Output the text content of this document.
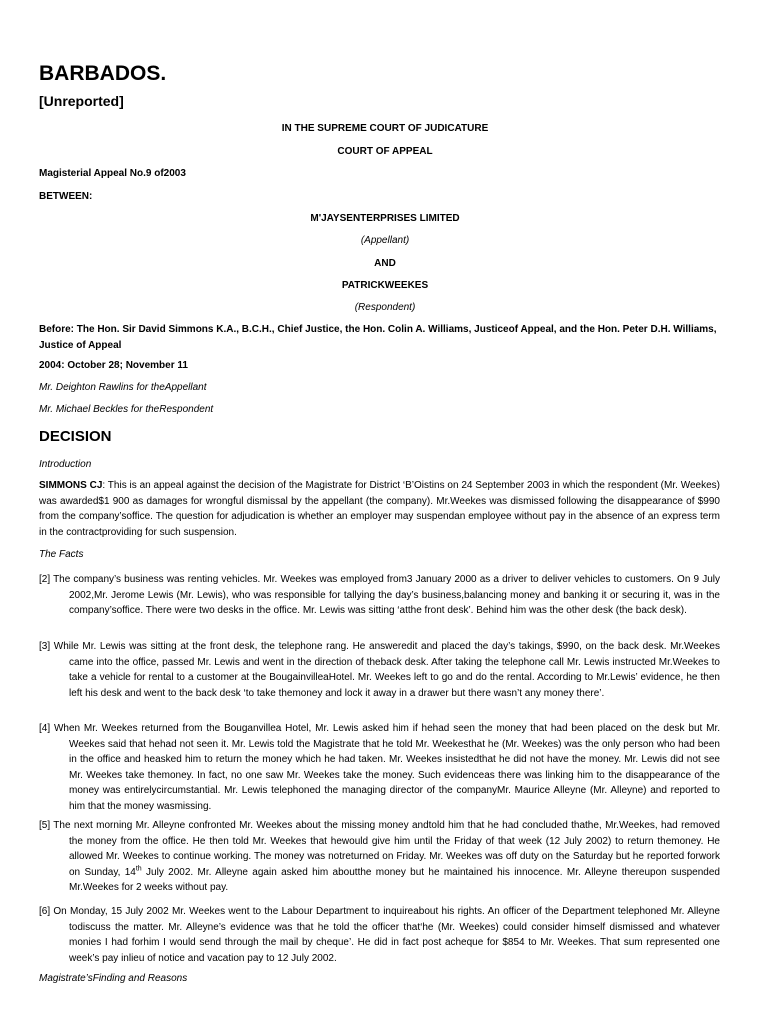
BARBADOS.
[Unreported]
IN THE SUPREME COURT OF JUDICATURE
COURT OF APPEAL
Magisterial Appeal No.9 of2003
BETWEEN:
M'JAYSENTERPRISES LIMITED
(Appellant)
AND
PATRICKWEEKES
(Respondent)
Before: The Hon. Sir David Simmons K.A., B.C.H., Chief Justice, the Hon. Colin A. Williams, Justiceof Appeal, and the Hon. Peter D.H. Williams, Justice of Appeal
2004: October 28; November 11
Mr. Deighton Rawlins for theAppellant
Mr. Michael Beckles for theRespondent
DECISION
Introduction
SIMMONS CJ: This is an appeal against the decision of the Magistrate for District ‘B’Oistins on 24 September 2003 in which the respondent (Mr. Weekes) was awarded$1 900 as damages for wrongful dismissal by the appellant (the company). Mr.Weekes was dismissed following the disappearance of $990 from the company’soffice. The question for adjudication is whether an employer may suspendan employee without pay in the absence of an express term in the contractproviding for such suspension.
The Facts
[2] The company’s business was renting vehicles. Mr. Weekes was employed from3 January 2000 as a driver to deliver vehicles to customers. On 9 July 2002,Mr. Jerome Lewis (Mr. Lewis), who was responsible for tallying the day’s business,balancing money and banking it or securing it, was in the company’soffice. There were two desks in the office. Mr. Lewis was sitting ‘atthe front desk’. Behind him was the other desk (the back desk).
[3] While Mr. Lewis was sitting at the front desk, the telephone rang. He answeredit and placed the day’s takings, $990, on the back desk. Mr.Weekes came into the office, passed Mr. Lewis and went in the direction of theback desk. After taking the telephone call Mr. Lewis instructed Mr.Weekes to take a vehicle for rental to a customer at the BougainvilleaHotel. Mr. Weekes left to go and do the rental. According to Mr.Lewis’ evidence, he then left his desk and went to the back desk ‘to take themoney and lock it away in a drawer but there wasn’t any money there’.
[4] When Mr. Weekes returned from the Bouganvillea Hotel, Mr. Lewis asked him if hehad seen the money that had been placed on the desk but Mr. Weekes said that hehad not seen it. Mr. Lewis told the Magistrate that he told Mr. Weekesthat he (Mr. Weekes) was the only person who had been in the office and heasked him to return the money which he had taken. Mr. Weekes insistedthat he did not have the money. Mr. Lewis did not see Mr. Weekes take themoney. In fact, no one saw Mr. Weekes take the money. Such evidenceas there was linking him to the disappearance of the money was entirelycircumstantial. Mr. Lewis telephoned the managing director of the companyMr. Maurice Alleyne (Mr. Alleyne) and reported to him that the money wasmissing.
[5] The next morning Mr. Alleyne confronted Mr. Weekes about the missing money andtold him that he had concluded thathe, Mr.Weekes, had removed the money from the office. He then told Mr. Weekes that hewould give him until the Friday of that week (12 July 2002) to return themoney. He allowed Mr. Weekes to continue working. The money was notreturned on Friday. Mr. Weekes was off duty on the Saturday but he reported forwork on Sunday, 14th July 2002. Mr. Alleyne again asked him aboutthe money but he maintained his innocence. Mr. Alleyne thereupon suspended Mr.Weekes for 2 weeks without pay.
[6] On Monday, 15 July 2002 Mr. Weekes went to the Labour Department to inquireabout his rights. An officer of the Department telephoned Mr. Alleyne todiscuss the matter. Mr. Alleyne’s evidence was that he told the officer that‘he (Mr. Weekes) could consider himself dismissed and whatever monies I had forhim I would send through the mail by cheque’. He did in fact post acheque for $854 to Mr. Weekes. That sum represented one week’s pay inlieu of notice and vacation pay to 12 July 2002.
Magistrate’sFinding and Reasons
